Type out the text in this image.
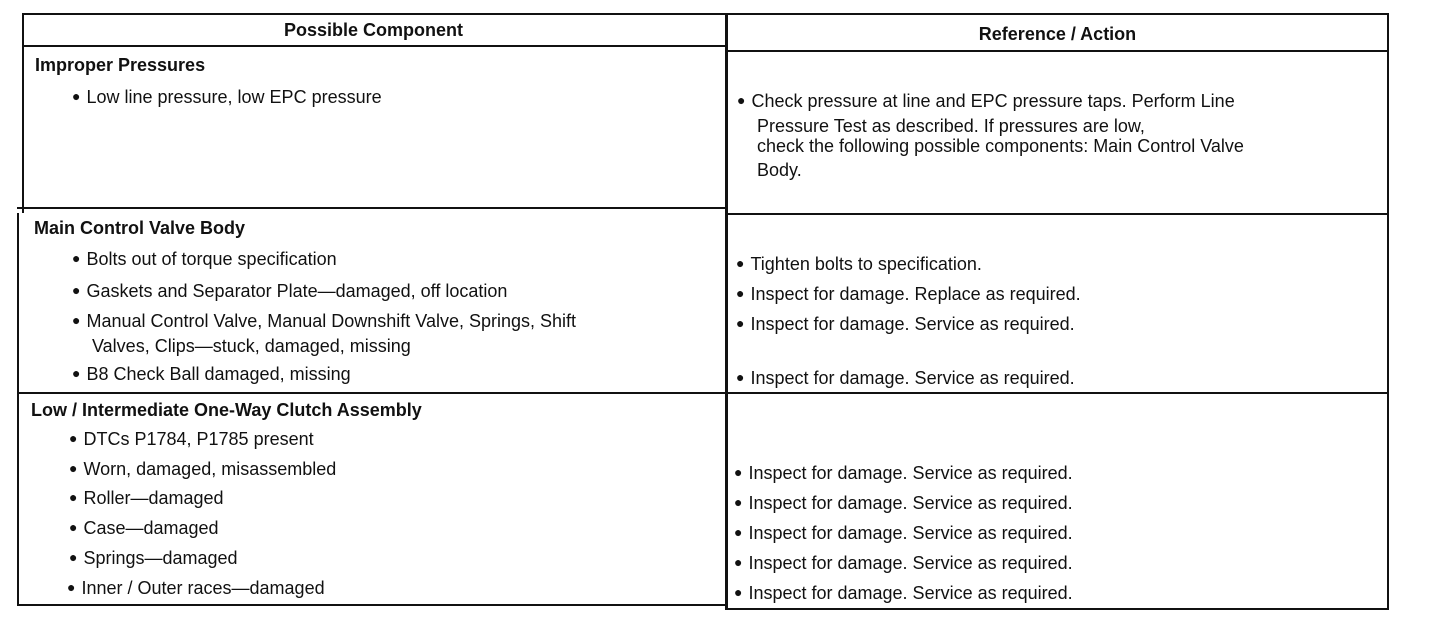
Possible Component	Reference / Action
Improper Pressures
● Low line pressure, low EPC pressure
●	Check pressure at line and EPC pressure taps. Perform Line
Pressure Test as described. If pressures are low,
check the following possible components: Main Control Valve
Body.
Main Control Valve Body
● Bolts out of torque specification
● Gaskets and Separator Plate—damaged, off location
● Manual Control Valve, Manual Downshift Valve, Springs, Shift
Valves, Clips—stuck, damaged, missing
● B8 Check Ball damaged, missing
● Tighten bolts to specification.
● Inspect for damage. Replace as required.
● Inspect for damage. Service as required.
● Inspect for damage. Service as required.
Low / Intermediate One-Way Clutch Assembly
● DTCs P1784, P1785 present
● Worn, damaged, misassembled
● Roller—damaged
● Case—damaged
● Springs—damaged
● Inner / Outer races—damaged
● Inspect for damage. Service as required.
● Inspect for damage. Service as required.
● Inspect for damage. Service as required.
● Inspect for damage. Service as required.
● Inspect for damage. Service as required.
